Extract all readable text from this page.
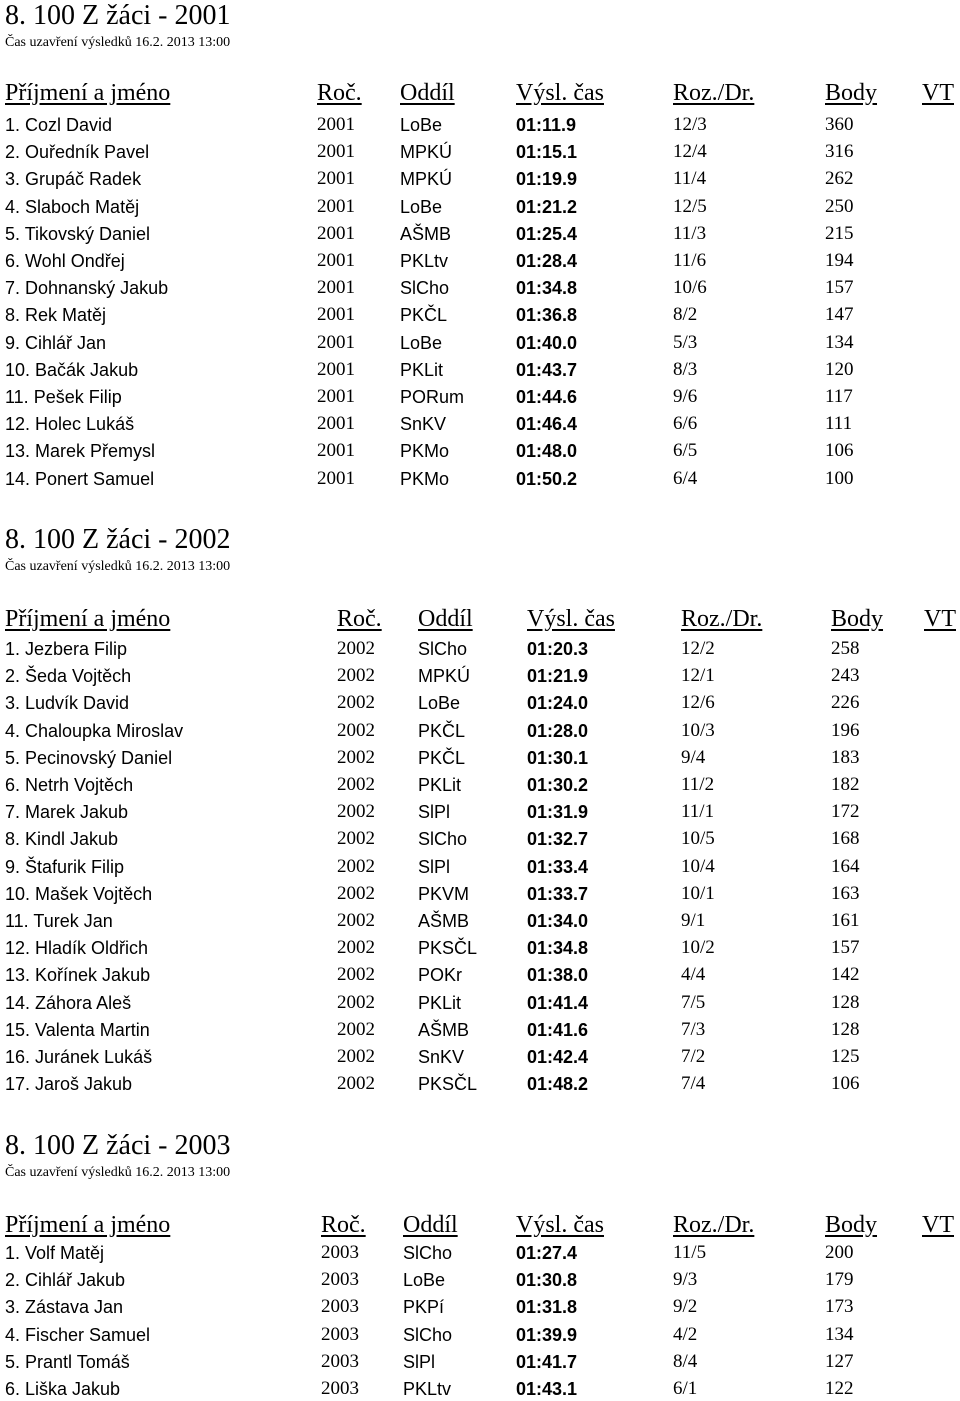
8. 100 Z žáci - 2001
Čas uzavření výsledků 16.2. 2013 13:00
Příjmení a jméno	Roč. Oddíl	Výsl. čas	Roz./Dr.	Body VT
1. Cozl David	2001	LoBe	01:11.9	12/3	360
2. Ouředník Pavel	2001	MPKÚ	01:15.1	12/4	316
3. Grupáč Radek	2001	MPKÚ	01:19.9	11/4	262
4. Slaboch Matěj	2001	LoBe	01:21.2	12/5	250
5. Tikovský Daniel	2001	AŠMB	01:25.4	11/3	215
6. Wohl Ondřej	2001	PKLtv	01:28.4	11/6	194
7. Dohnanský Jakub	2001	SlCho	01:34.8	10/6	157
8. Rek Matěj	2001	PKČL	01:36.8	8/2	147
9. Cihlář Jan	2001	LoBe	01:40.0	5/3	134
10. Bačák Jakub	2001	PKLit	01:43.7	8/3	120
11. Pešek Filip	2001	PORum	01:44.6	9/6	117
12. Holec Lukáš	2001	SnKV	01:46.4	6/6	111
13. Marek Přemysl	2001	PKMo	01:48.0	6/5	106
14. Ponert Samuel	2001	PKMo	01:50.2	6/4	100
8. 100 Z žáci - 2002
Čas uzavření výsledků 16.2. 2013 13:00
Příjmení a jméno	Roč. Oddíl Výsl. čas	Roz./Dr.	Body VT
1. Jezbera Filip	2002 SlCho	01:20.3	12/2	258
2. Šeda Vojtěch	2002 MPKÚ	01:21.9	12/1	243
3. Ludvík David	2002 LoBe	01:24.0	12/6	226
4. Chaloupka Miroslav	2002 PKČL	01:28.0	10/3	196
5. Pecinovský Daniel	2002 PKČL	01:30.1	9/4	183
6. Netrh Vojtěch	2002 PKLit	01:30.2	11/2	182
7. Marek Jakub	2002 SlPl	01:31.9	11/1	172
8. Kindl Jakub	2002 SlCho	01:32.7	10/5	168
9. Štafurik Filip	2002 SlPl	01:33.4	10/4	164
10. Mašek Vojtěch	2002 PKVM	01:33.7	10/1	163
11. Turek Jan	2002 AŠMB	01:34.0	9/1	161
12. Hladík Oldřich	2002 PKSČL	01:34.8	10/2	157
13. Kořínek Jakub	2002 POKr	01:38.0	4/4	142
14. Záhora Aleš	2002 PKLit	01:41.4	7/5	128
15. Valenta Martin	2002 AŠMB	01:41.6	7/3	128
16. Juránek Lukáš	2002 SnKV	01:42.4	7/2	125
17. Jaroš Jakub	2002 PKSČL	01:48.2	7/4	106
8. 100 Z žáci - 2003
Čas uzavření výsledků 16.2. 2013 13:00
Příjmení a jméno	Roč. Oddíl Výsl. čas	Roz./Dr.	Body VT
1. Volf Matěj	2003 SlCho	01:27.4	11/5	200
2. Cihlář Jakub	2003 LoBe	01:30.8	9/3	179
3. Zástava Jan	2003 PKPí	01:31.8	9/2	173
4. Fischer Samuel	2003 SlCho	01:39.9	4/2	134
5. Prantl Tomáš	2003 SlPl	01:41.7	8/4	127
6. Liška Jakub	2003 PKLtv	01:43.1	6/1	122
